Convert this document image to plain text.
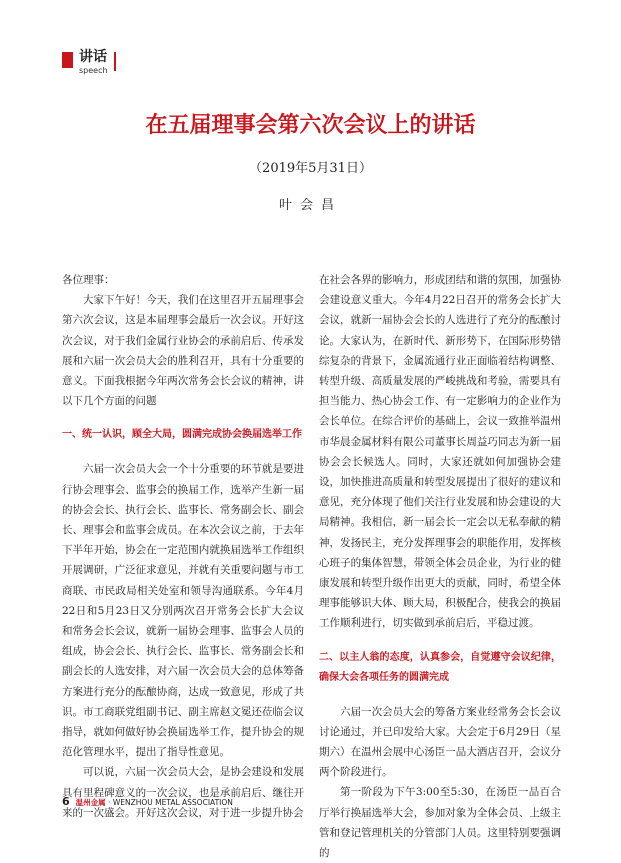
讲话
speech
在五届理事会第六次会议上的讲话
（2019年5月31日）
叶会昌

各位理事：

大家下午好！今天，我们在这里召开五届理事会第六次会议，这是本届理事会最后一次会议。开好这次会议，对于我们金属行业协会的承前启后、传承发展和六届一次会员大会的胜利召开，具有十分重要的意义。下面我根据今年两次常务会长会议的精神，讲以下几个方面的问题

一、统一认识，顾全大局，圆满完成协会换届选举工作

六届一次会员大会一个十分重要的环节就是要进行协会理事会、监事会的换届工作，选举产生新一届的协会会长、执行会长、监事长、常务副会长、副会长、理事会和监事会成员。在本次会议之前，于去年下半年开始，协会在一定范围内就换届选举工作组织开展调研，广泛征求意见，并就有关重要问题与市工商联、市民政局相关处室和领导沟通联系。今年4月22日和5月23日又分别两次召开常务会长扩大会议和常务会长会议，就新一届协会理事、监事会人员的组成，协会会长、执行会长、监事长、常务副会长和副会长的人选安排，对六届一次会员大会的总体筹备方案进行充分的酝酿协商，达成一致意见，形成了共识。市工商联党组副书记、副主席赵文冕还莅临会议指导，就如何做好协会换届选举工作，提升协会的规范化管理水平，提出了指导性意见。

可以说，六届一次会员大会，是协会建设和发展具有里程碑意义的一次会议，也是承前启后、继往开来的一次盛会。开好这次会议，对于进一步提升协会

在社会各界的影响力，形成团结和谐的氛围，加强协会建设意义重大。今年4月22日召开的常务会长扩大会议，就新一届协会会长的人选进行了充分的酝酿讨论。大家认为，在新时代、新形势下，在国际形势错综复杂的背景下，金属流通行业正面临着结构调整、转型升级、高质量发展的严峻挑战和考验，需要具有担当能力、热心协会工作、有一定影响力的企业作为会长单位。在综合评价的基础上，会议一致推举温州市华晨金属材料有限公司董事长周益巧同志为新一届协会会长候选人。同时，大家还就如何加强协会建设，加快推进高质量和转型发展提出了很好的建议和意见，充分体现了他们关注行业发展和协会建设的大局精神。我相信，新一届会长一定会以无私奉献的精神，发扬民主，充分发挥理事会的职能作用，发挥核心班子的集体智慧，带领全体会员企业，为行业的健康发展和转型升级作出更大的贡献，同时，希望全体理事能够识大体、顾大局，积极配合，使我会的换届工作顺利进行，切实做到承前启后，平稳过渡。

二、以主人翁的态度，认真参会，自觉遵守会议纪律，确保大会各项任务的圆满完成

六届一次会员大会的筹备方案业经常务会长会议讨论通过，并已印发给大家。大会定于6月29日（星期六）在温州会展中心汤臣一品大酒店召开，会议分两个阶段进行。

第一阶段为下午3:00至5:30，在汤臣一品百合厅举行换届选举大会，参加对象为全体会员、上级主管和登记管理机关的分管部门人员。这里特别要强调的

6 温州金属 · WENZHOU METAL ASSOCIATION
